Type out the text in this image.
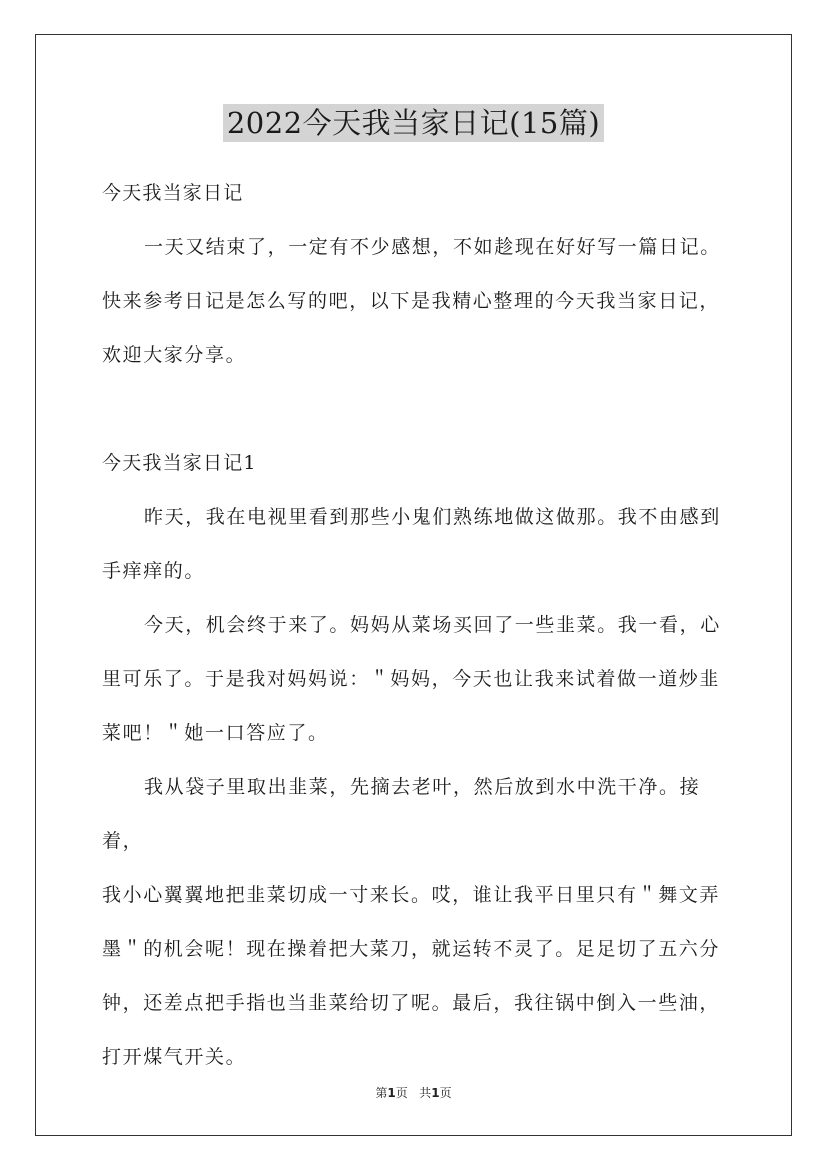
2022今天我当家日记(15篇)

今天我当家日记

一天又结束了，一定有不少感想，不如趁现在好好写一篇日记。

快来参考日记是怎么写的吧，以下是我精心整理的今天我当家日记，

欢迎大家分享。

今天我当家日记1

昨天，我在电视里看到那些小鬼们熟练地做这做那。我不由感到

手痒痒的。

今天，机会终于来了。妈妈从菜场买回了一些韭菜。我一看，心

里可乐了。于是我对妈妈说：＂妈妈，今天也让我来试着做一道炒韭

菜吧！＂她一口答应了。

我从袋子里取出韭菜，先摘去老叶，然后放到水中洗干净。接着，

我小心翼翼地把韭菜切成一寸来长。哎，谁让我平日里只有＂舞文弄

墨＂的机会呢！现在操着把大菜刀，就运转不灵了。足足切了五六分

钟，还差点把手指也当韭菜给切了呢。最后，我往锅中倒入一些油，

打开煤气开关。

第1页 共1页
